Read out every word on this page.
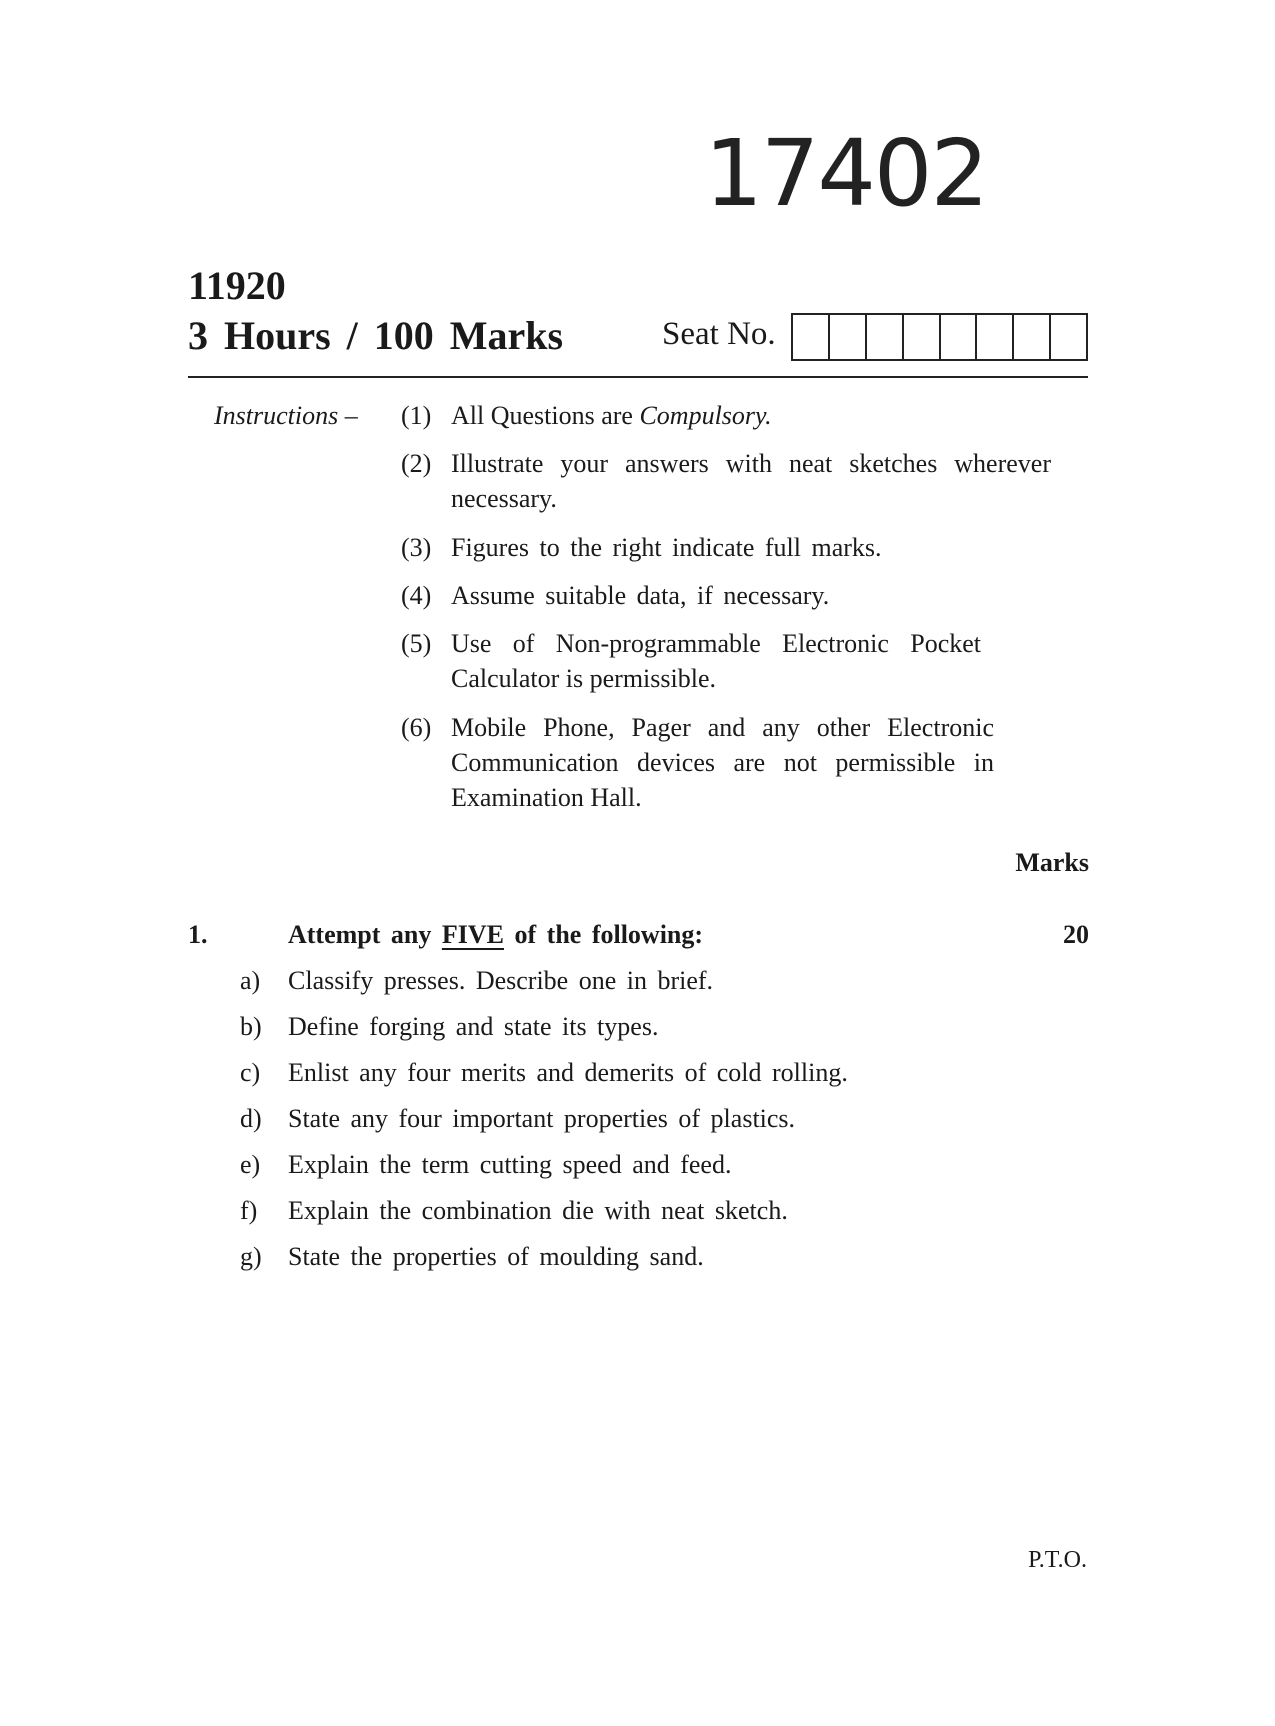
17402
11920
3 Hours / 100 Marks	Seat No.
Instructions – (1) All Questions are Compulsory.
(2) Illustrate your answers with neat sketches wherever necessary.
(3) Figures to the right indicate full marks.
(4) Assume suitable data, if necessary.
(5) Use of Non-programmable Electronic Pocket Calculator is permissible.
(6) Mobile Phone, Pager and any other Electronic Communication devices are not permissible in Examination Hall.
Marks
1.	Attempt any FIVE of the following:	20
a) Classify presses. Describe one in brief.
b) Define forging and state its types.
c) Enlist any four merits and demerits of cold rolling.
d) State any four important properties of plastics.
e) Explain the term cutting speed and feed.
f) Explain the combination die with neat sketch.
g) State the properties of moulding sand.
P.T.O.
